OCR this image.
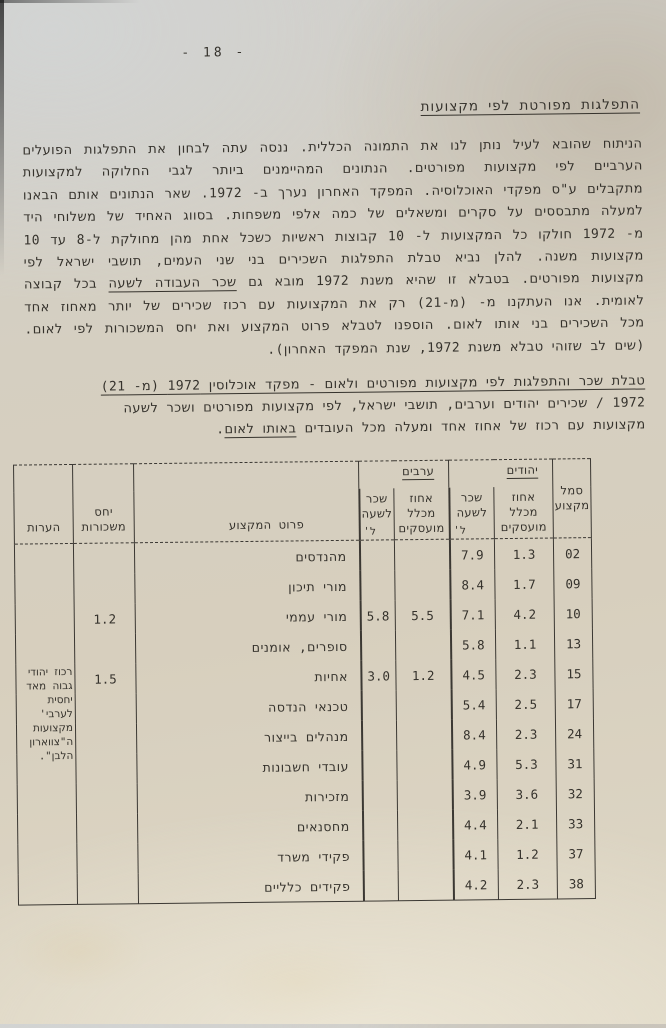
- 18 -
התפלגות מפורטת לפי מקצועות
הניתוח שהובא לעיל נותן לנו את התמונה הכללית. ננסה עתה לבחון את התפלגות הפועלים
הערביים לפי מקצועות מפורטים. הנתונים המהיימנים ביותר לגבי החלוקה למקצועות
מתקבלים ע"ס מפקדי האוכלוסיה. המפקד האחרון נערך ב- 1972. שאר הנתונים אותם הבאנו
למעלה מתבססים על סקרים ומשאלים של כמה אלפי משפחות. בסווג האחיד של משלוחי היד
מ- 1972 חולקו כל המקצועות ל- 10 קבוצות ראשיות כשכל אחת מהן מחולקת ל-8 עד 10
מקצועות משנה. להלן נביא טבלת התפלגות השכירים בני שני העמים, תושבי ישראל לפי
מקצועות מפורטים. בטבלא זו שהיא משנת 1972 מובא גם שכר העבודה לשעה בכל קבוצה
לאומית. אנו העתקנו מ- (מ-21) רק את המקצועות עם רכוז שכירים של יותר מאחוז אחד
מכל השכירים בני אותו לאום. הוספנו לטבלא פרוט המקצוע ואת יחס המשכורות לפי לאום.
(שים לב שזוהי טבלא משנת 1972, שנת המפקד האחרון).
טבלת שכר והתפלגות לפי מקצועות מפורטים ולאום - מפקד אוכלוסין 1972 (מ- 21)
1972 / שכירים יהודים וערבים, תושבי ישראל, לפי מקצועות מפורטים ושכר לשעה
מקצועות עם רכוז של אחוז אחד ומעלה מכל העובדים באותו לאום.
סמל מקצוע	יהודים		ערבים		פרוט המקצוע	יחס משכורות	הערות
	אחוז מכלל מועסקים	שכר לשעה
ל'	אחוז מכלל מועסקים	שכר לשעה
ל'			

02	1.3	7.9			מהנדסים		
רכוז יהודי
גבוה מאד
יחסית לערבי'
מקצועות
ה"צווארון
הלבן".

09	1.7	8.4			מורי תיכון		
10	4.2	7.1	5.5	5.8	מורי עממי	1.2	
13	1.1	5.8			סופרים, אומנים		
15	2.3	4.5	1.2	3.0	אחיות	1.5	
17	2.5	5.4			טכנאי הנדסה		
24	2.3	8.4			מנהלים בייצור		
31	5.3	4.9			עובדי חשבונות		
32	3.6	3.9			מזכירות		
33	2.1	4.4			מחסנאים		
37	1.2	4.1			פקידי משרד		
38	2.3	4.2			פקידים כלליים		
